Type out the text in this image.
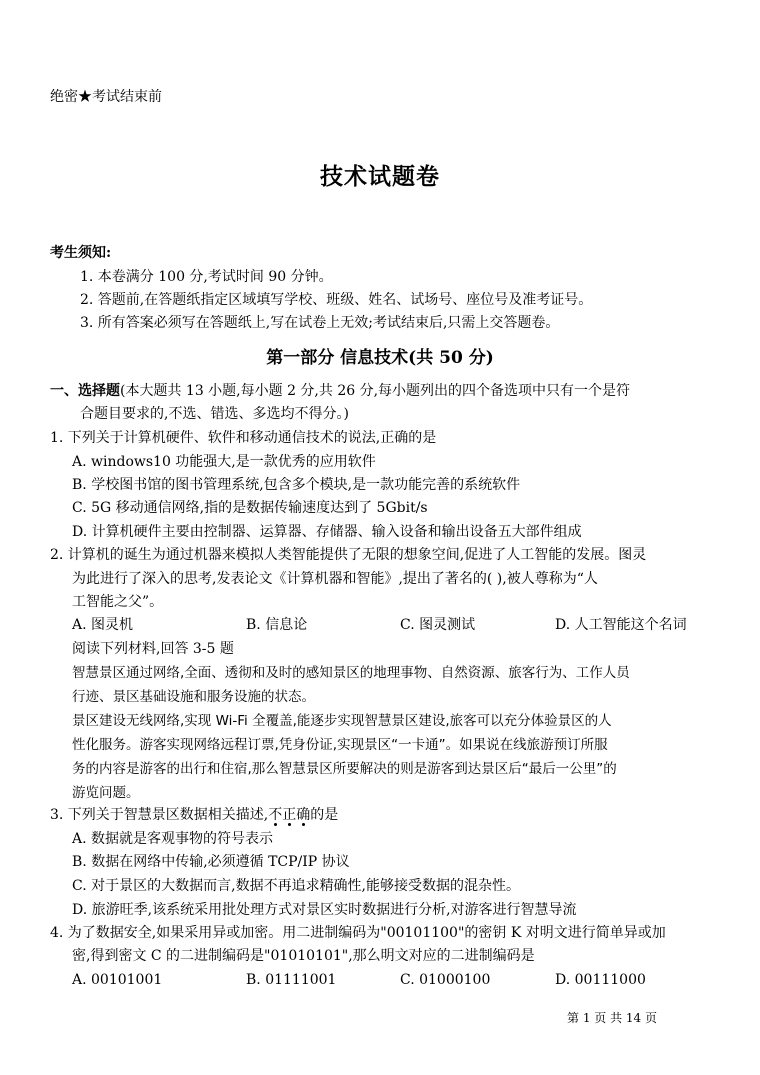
绝密★考试结束前
技术试题卷
考生须知:
1. 本卷满分 100 分,考试时间 90 分钟。
2. 答题前,在答题纸指定区域填写学校、班级、姓名、试场号、座位号及准考证号。
3. 所有答案必须写在答题纸上,写在试卷上无效;考试结束后,只需上交答题卷。
第一部分 信息技术(共 50 分)
一、选择题(本大题共 13 小题,每小题 2 分,共 26 分,每小题列出的四个备选项中只有一个是符
合题目要求的,不选、错选、多选均不得分。)
1. 下列关于计算机硬件、软件和移动通信技术的说法,正确的是
A. windows10 功能强大,是一款优秀的应用软件
B. 学校图书馆的图书管理系统,包含多个模块,是一款功能完善的系统软件
C. 5G 移动通信网络,指的是数据传输速度达到了 5Gbit/s
D. 计算机硬件主要由控制器、运算器、存储器、输入设备和输出设备五大部件组成
2. 计算机的诞生为通过机器来模拟人类智能提供了无限的想象空间,促进了人工智能的发展。图灵
为此进行了深入的思考,发表论文《计算机器和智能》,提出了著名的( ),被人尊称为“人
工智能之父”。
A. 图灵机	B. 信息论	C. 图灵测试	D. 人工智能这个名词
阅读下列材料,回答 3-5 题
智慧景区通过网络,全面、透彻和及时的感知景区的地理事物、自然资源、旅客行为、工作人员
行迹、景区基础设施和服务设施的状态。
景区建设无线网络,实现 Wi-Fi 全覆盖,能逐步实现智慧景区建设,旅客可以充分体验景区的人
性化服务。游客实现网络远程订票,凭身份证,实现景区“一卡通”。如果说在线旅游预订所服
务的内容是游客的出行和住宿,那么智慧景区所要解决的则是游客到达景区后“最后一公里”的
游览问题。
3. 下列关于智慧景区数据相关描述,不正确
的是
A. 数据就是客观事物的符号表示
B. 数据在网络中传输,必须遵循 TCP/IP 协议
C. 对于景区的大数据而言,数据不再追求精确性,能够接受数据的混杂性。
D. 旅游旺季,该系统采用批处理方式对景区实时数据进行分析,对游客进行智慧导流
4. 为了数据安全,如果采用异或加密。用二进制编码为"00101100"的密钥 K 对明文进行简单异或加
密,得到密文 C 的二进制编码是"01010101",那么明文对应的二进制编码是
A. 00101001	B. 01111001	C. 01000100	D. 00111000
第 1 页 共 14 页
